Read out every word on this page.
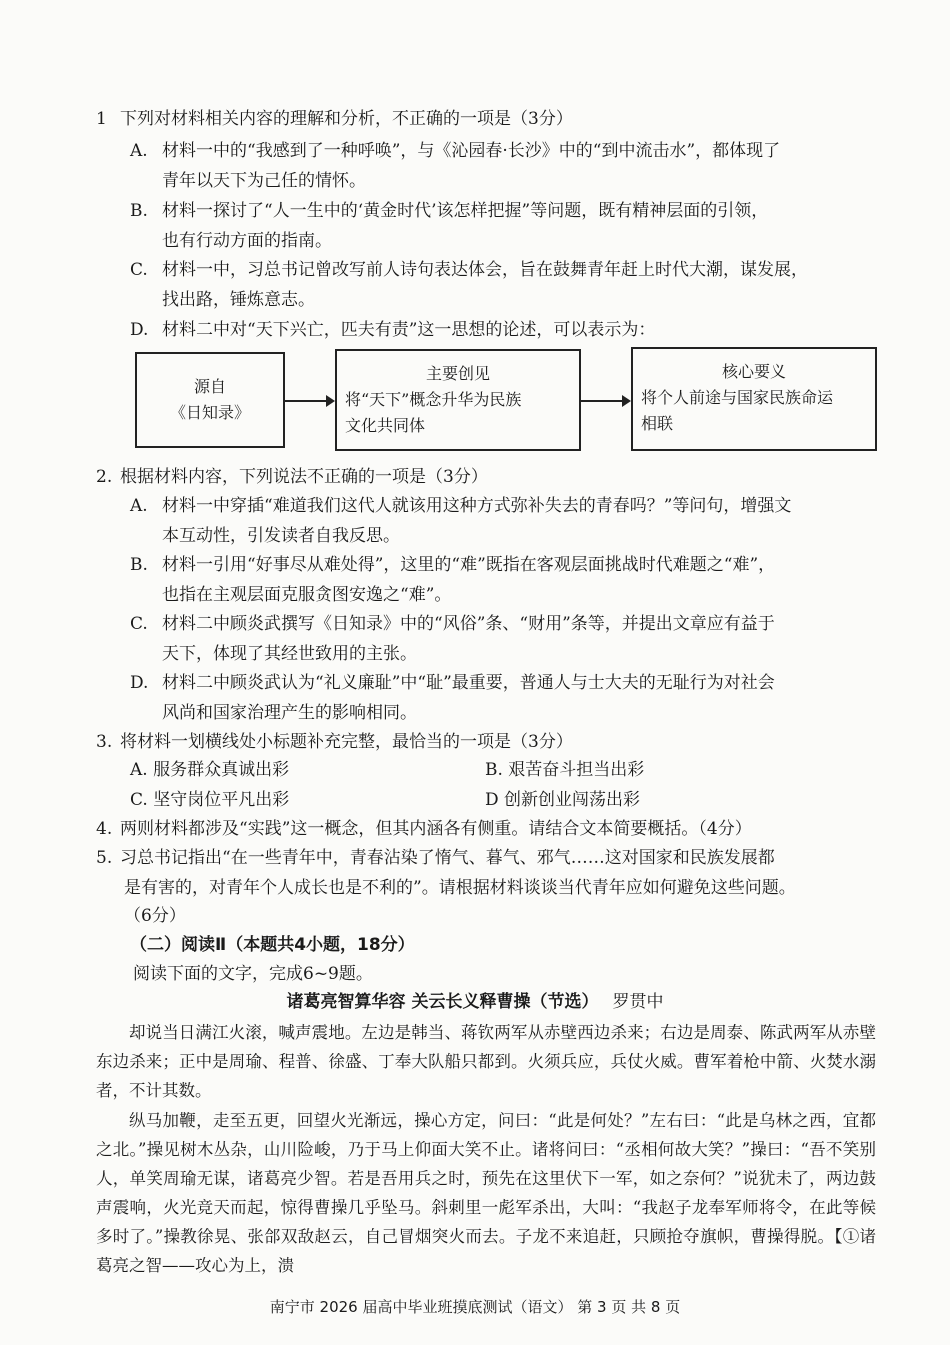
1 下列对材料相关内容的理解和分析，不正确的一项是（3分）
A. 材料一中的“我感到了一种呼唤”，与《沁园春·长沙》中的“到中流击水”，都体现了
青年以天下为己任的情怀。
B. 材料一探讨了“人一生中的‘黄金时代’该怎样把握”等问题，既有精神层面的引领，
也有行动方面的指南。
C. 材料一中，习总书记曾改写前人诗句表达体会，旨在鼓舞青年赶上时代大潮，谋发展，
找出路，锤炼意志。
D. 材料二中对“天下兴亡，匹夫有责”这一思想的论述，可以表示为：
源自
《日知录》
主要创见
将“天下”概念升华为民族
文化共同体
核心要义
将个人前途与国家民族命运
相联
2. 根据材料内容，下列说法不正确的一项是（3分）
A. 材料一中穿插“难道我们这代人就该用这种方式弥补失去的青春吗？”等问句，增强文
本互动性，引发读者自我反思。
B. 材料一引用“好事尽从难处得”，这里的“难”既指在客观层面挑战时代难题之“难”，
也指在主观层面克服贪图安逸之“难”。
C. 材料二中顾炎武撰写《日知录》中的“风俗”条、“财用”条等，并提出文章应有益于
天下，体现了其经世致用的主张。
D. 材料二中顾炎武认为“礼义廉耻”中“耻”最重要，普通人与士大夫的无耻行为对社会
风尚和国家治理产生的影响相同。
3. 将材料一划横线处小标题补充完整，最恰当的一项是（3分）
A. 服务群众真诚出彩	B. 艰苦奋斗担当出彩
C. 坚守岗位平凡出彩	D 创新创业闯荡出彩
4. 两则材料都涉及“实践”这一概念，但其内涵各有侧重。请结合文本简要概括。（4分）
5. 习总书记指出“在一些青年中，青春沾染了惰气、暮气、邪气……这对国家和民族发展都
是有害的，对青年个人成长也是不利的”。请根据材料谈谈当代青年应如何避免这些问题。
（6分）
（二）阅读Ⅱ（本题共4小题，18分）
阅读下面的文字，完成6~9题。
诸葛亮智算华容 关云长义释曹操（节选） 罗贯中

却说当日满江火滚，喊声震地。左边是韩当、蒋钦两军从赤壁西边杀来；右边是周泰、陈武两军从赤壁东边杀来；正中是周瑜、程普、徐盛、丁奉大队船只都到。火须兵应，兵仗火威。曹军着枪中箭、火焚水溺者，不计其数。

纵马加鞭，走至五更，回望火光渐远，操心方定，问曰：“此是何处？”左右曰：“此是乌林之西，宜都之北。”操见树木丛杂，山川险峻，乃于马上仰面大笑不止。诸将问曰：“丞相何故大笑？”操曰：“吾不笑别人，单笑周瑜无谋，诸葛亮少智。若是吾用兵之时，预先在这里伏下一军，如之奈何？”说犹未了，两边鼓声震响，火光竞天而起，惊得曹操几乎坠马。斜刺里一彪军杀出，大叫：“我赵子龙奉军师将令，在此等候多时了。”操教徐晃、张郃双敌赵云，自己冒烟突火而去。子龙不来追赶，只顾抢夺旗帜，曹操得脱。【①诸葛亮之智——攻心为上，溃

南宁市 2026 届高中毕业班摸底测试（语文） 第 3 页 共 8 页
